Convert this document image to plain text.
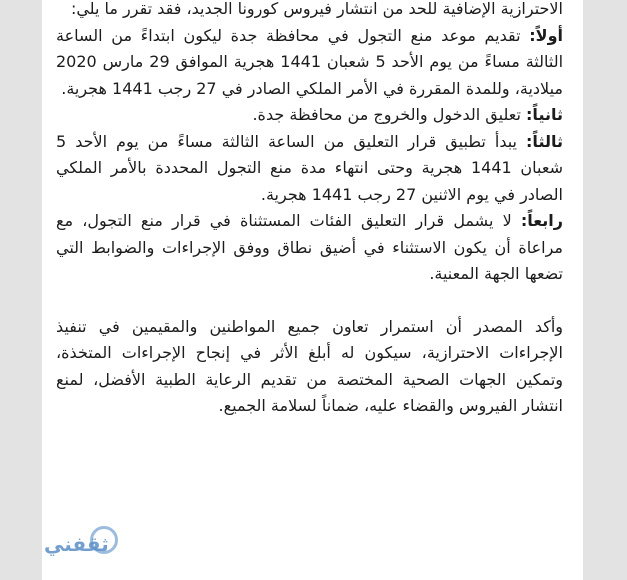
الاحترازية الإضافية للحد من انتشار فيروس كورونا الجديد، فقد تقرر ما يلي:

أولاً: تقديم موعد منع التجول في محافظة جدة ليكون ابتداءً من الساعة الثالثة مساءً من يوم الأحد 5 شعبان 1441 هجرية الموافق 29 مارس 2020 ميلادية، وللمدة المقررة في الأمر الملكي الصادر في 27 رجب 1441 هجرية.

ثانياً: تعليق الدخول والخروج من محافظة جدة.

ثالثاً: يبدأ تطبيق قرار التعليق من الساعة الثالثة مساءً من يوم الأحد 5 شعبان 1441 هجرية وحتى انتهاء مدة منع التجول المحددة بالأمر الملكي الصادر في يوم الاثنين 27 رجب 1441 هجرية.

رابعاً: لا يشمل قرار التعليق الفئات المستثناة في قرار منع التجول، مع مراعاة أن يكون الاستثناء في أضيق نطاق ووفق الإجراءات والضوابط التي تضعها الجهة المعنية.

وأكد المصدر أن استمرار تعاون جميع المواطنين والمقيمين في تنفيذ الإجراءات الاحترازية، سيكون له أبلغ الأثر في إنجاح الإجراءات المتخذة، وتمكين الجهات الصحية المختصة من تقديم الرعاية الطبية الأفضل، لمنع انتشار الفيروس والقضاء عليه، ضماناً لسلامة الجميع.

ثقفني
